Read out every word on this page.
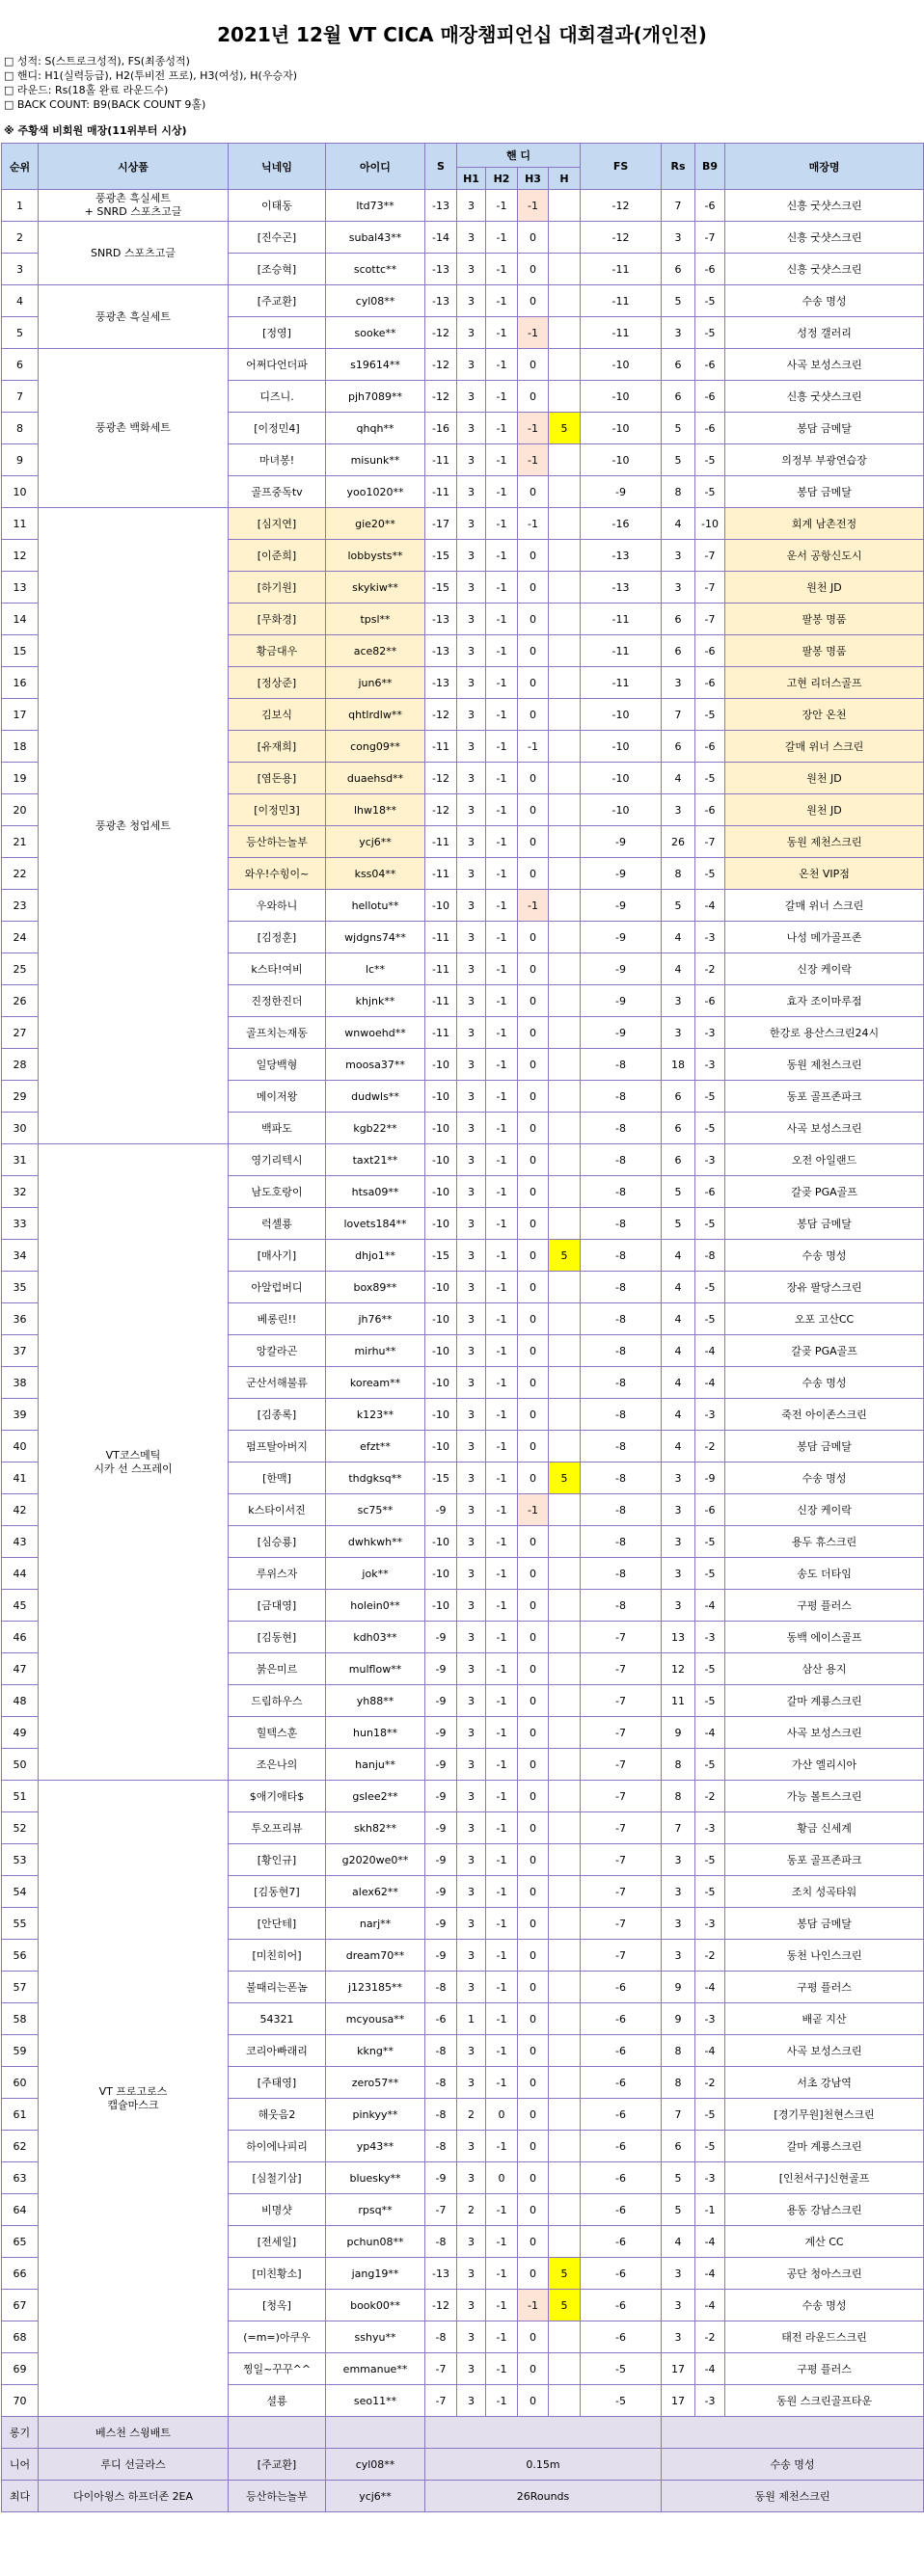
2021년 12월 VT CICA 매장챔피언십 대회결과(개인전)
□ 성적: S(스트로크성적), FS(최종성적)
□ 핸디: H1(실력등급), H2(투비전 프로), H3(여성), H(우승자)
□ 라운드: Rs(18홀 완료 라운드수)
□ BACK COUNT: B9(BACK COUNT 9홀)
※ 주황색 비회원 매장(11위부터 시상)
순위	시상품	닉네임	아이디	S	핸 디				FS	Rs	B9	매장명
					H1	H2	H3	H				
1	풍광촌 흑실세트
+ SNRD 스포츠고글	이태동	ltd73**	-13	3	-1	-1		-12	7	-6	신흥 굿샷스크린
2	SNRD 스포츠고글	[진수곤]	subal43**	-14	3	-1	0		-12	3	-7	신흥 굿샷스크린
3		[조승혁]	scottc**	-13	3	-1	0		-11	6	-6	신흥 굿샷스크린
4	풍광촌 흑실세트	[주교환]	cyl08**	-13	3	-1	0		-11	5	-5	수송 명성
5		[정영]	sooke**	-12	3	-1	-1		-11	3	-5	성정 갤러리
6	풍광촌 백화세트	어쩌다언더파	s19614**	-12	3	-1	0		-10	6	-6	사곡 보성스크린
7		디즈니.	pjh7089**	-12	3	-1	0		-10	6	-6	신흥 굿샷스크린
8		[이정민4]	qhqh**	-16	3	-1	-1	5	-10	5	-6	봉담 금메달
9		마녀봉!	misunk**	-11	3	-1	-1		-10	5	-5	의정부 부광연습장
10		골프중독tv	yoo1020**	-11	3	-1	0		-9	8	-5	봉담 금메달
11	풍광촌 청업세트	[심지연]	gie20**	-17	3	-1	-1		-16	4	-10	회계 남촌전정
12		[이준희]	lobbysts**	-15	3	-1	0		-13	3	-7	운서 공항신도시
13		[하기원]	skykiw**	-15	3	-1	0		-13	3	-7	원천 JD
14		[무화경]	tpsl**	-13	3	-1	0		-11	6	-7	팔봉 명품
15		황금대우	ace82**	-13	3	-1	0		-11	6	-6	팔봉 명품
16		[정상준]	jun6**	-13	3	-1	0		-11	3	-6	고현 리더스골프
17		김보식	qhtlrdlw**	-12	3	-1	0		-10	7	-5	장안 온천
18		[유재희]	cong09**	-11	3	-1	-1		-10	6	-6	갈매 위너 스크린
19		[염돈용]	duaehsd**	-12	3	-1	0		-10	4	-5	원천 JD
20		[이정민3]	lhw18**	-12	3	-1	0		-10	3	-6	원천 JD
21		등산하는놀부	ycj6**	-11	3	-1	0		-9	26	-7	동원 제천스크린
22		와우!수힝이~	kss04**	-11	3	-1	0		-9	8	-5	온천 VIP점
23		우와하니	hellotu**	-10	3	-1	-1		-9	5	-4	갈매 위너 스크린
24		[김정훈]	wjdgns74**	-11	3	-1	0		-9	4	-3	나성 메가골프존
25		k스타!여비	lc**	-11	3	-1	0		-9	4	-2	신장 케이락
26		진정한진더	khjnk**	-11	3	-1	0		-9	3	-6	효자 조이마루점
27		골프치는재동	wnwoehd**	-11	3	-1	0		-9	3	-3	한강로 용산스크린24시
28		일당백형	moosa37**	-10	3	-1	0		-8	18	-3	동원 제천스크린
29		메이저왕	dudwls**	-10	3	-1	0		-8	6	-5	동포 골프존파크
30		백파도	kgb22**	-10	3	-1	0		-8	6	-5	사곡 보성스크린
31	VT코스메틱
시카 선 스프레이	영기리텍시	taxt21**	-10	3	-1	0		-8	6	-3	오전 아일랜드
32		남도호랑이	htsa09**	-10	3	-1	0		-8	5	-6	갈곶 PGA골프
33		럭셀룡	lovets184**	-10	3	-1	0		-8	5	-5	봉담 금메달
34		[매사기]	dhjo1**	-15	3	-1	0	5	-8	4	-8	수송 명성
35		아알럽버디	box89**	-10	3	-1	0		-8	4	-5	장유 팔당스크린
36		베롱린!!	jh76**	-10	3	-1	0		-8	4	-5	오포 고산CC
37		앙칼라곤	mirhu**	-10	3	-1	0		-8	4	-4	갈곶 PGA골프
38		군산서해불류	koream**	-10	3	-1	0		-8	4	-4	수송 명성
39		[김종록]	k123**	-10	3	-1	0		-8	4	-3	죽전 아이존스크린
40		펌프탈아버지	efzt**	-10	3	-1	0		-8	4	-2	봉담 금메달
41		[한맥]	thdgksq**	-15	3	-1	0	5	-8	3	-9	수송 명성
42		k스타이서진	sc75**	-9	3	-1	-1		-8	3	-6	신장 케이락
43		[심승룡]	dwhkwh**	-10	3	-1	0		-8	3	-5	용두 휴스크린
44		루위스자	jok**	-10	3	-1	0		-8	3	-5	송도 더타임
45		[금대영]	holein0**	-10	3	-1	0		-8	3	-4	구평 플러스
46		[김동현]	kdh03**	-9	3	-1	0		-7	13	-3	동백 에이스골프
47		붉은미르	mulflow**	-9	3	-1	0		-7	12	-5	삼산 용지
48		드림하우스	yh88**	-9	3	-1	0		-7	11	-5	갈마 계룡스크린
49		힐텍스훈	hun18**	-9	3	-1	0		-7	9	-4	사곡 보성스크린
50		조은나의	hanju**	-9	3	-1	0		-7	8	-5	가산 엘리시아
51	VT 프로고로스
캡슐마스크	$애기애타$	gslee2**	-9	3	-1	0		-7	8	-2	가능 볼트스크린
52		투오프리뷰	skh82**	-9	3	-1	0		-7	7	-3	황금 신세계
53		[황인규]	g2020we0**	-9	3	-1	0		-7	3	-5	동포 골프존파크
54		[김동현7]	alex62**	-9	3	-1	0		-7	3	-5	조치 성곡타워
55		[안단테]	narj**	-9	3	-1	0		-7	3	-3	봉담 금메달
56		[미친히어]	dream70**	-9	3	-1	0		-7	3	-2	동천 나인스크린
57		불때리는폰놈	j123185**	-8	3	-1	0		-6	9	-4	구평 플러스
58		54321	mcyousa**	-6	1	-1	0		-6	9	-3	배곧 지산
59		코리아빠래리	kkng**	-8	3	-1	0		-6	8	-4	사곡 보성스크린
60		[주태영]	zero57**	-8	3	-1	0		-6	8	-2	서초 강남역
61		해웃음2	pinkyy**	-8	2	0	0		-6	7	-5	[경기무원]천현스크린
62		하이에나피리	yp43**	-8	3	-1	0		-6	6	-5	갈마 계룡스크린
63		[심철기삼]	bluesky**	-9	3	0	0		-6	5	-3	[인천서구]신현골프
64		비명샷	rpsq**	-7	2	-1	0		-6	5	-1	용동 강남스크린
65		[전세일]	pchun08**	-8	3	-1	0		-6	4	-4	계산 CC
66		[미친황소]	jang19**	-13	3	-1	0	5	-6	3	-4	공단 청아스크린
67		[청옥]	book00**	-12	3	-1	-1	5	-6	3	-4	수송 명성
68		(=m=)아쿠우	sshyu**	-8	3	-1	0		-6	3	-2	태전 라운드스크린
69		찡일~꾸꾸^^	emmanue**	-7	3	-1	0		-5	17	-4	구평 플러스
70		셜룡	seo11**	-7	3	-1	0		-5	17	-3	동원 스크린골프타운
롱기	베스천 스윙배트											
니어	루디 선글라스	[주교환]	cyl08**	0.15m						수송 명성		
최다	다이아윙스 하프더존 2EA	등산하는놀부	ycj6**	26Rounds						동원 제천스크린		
